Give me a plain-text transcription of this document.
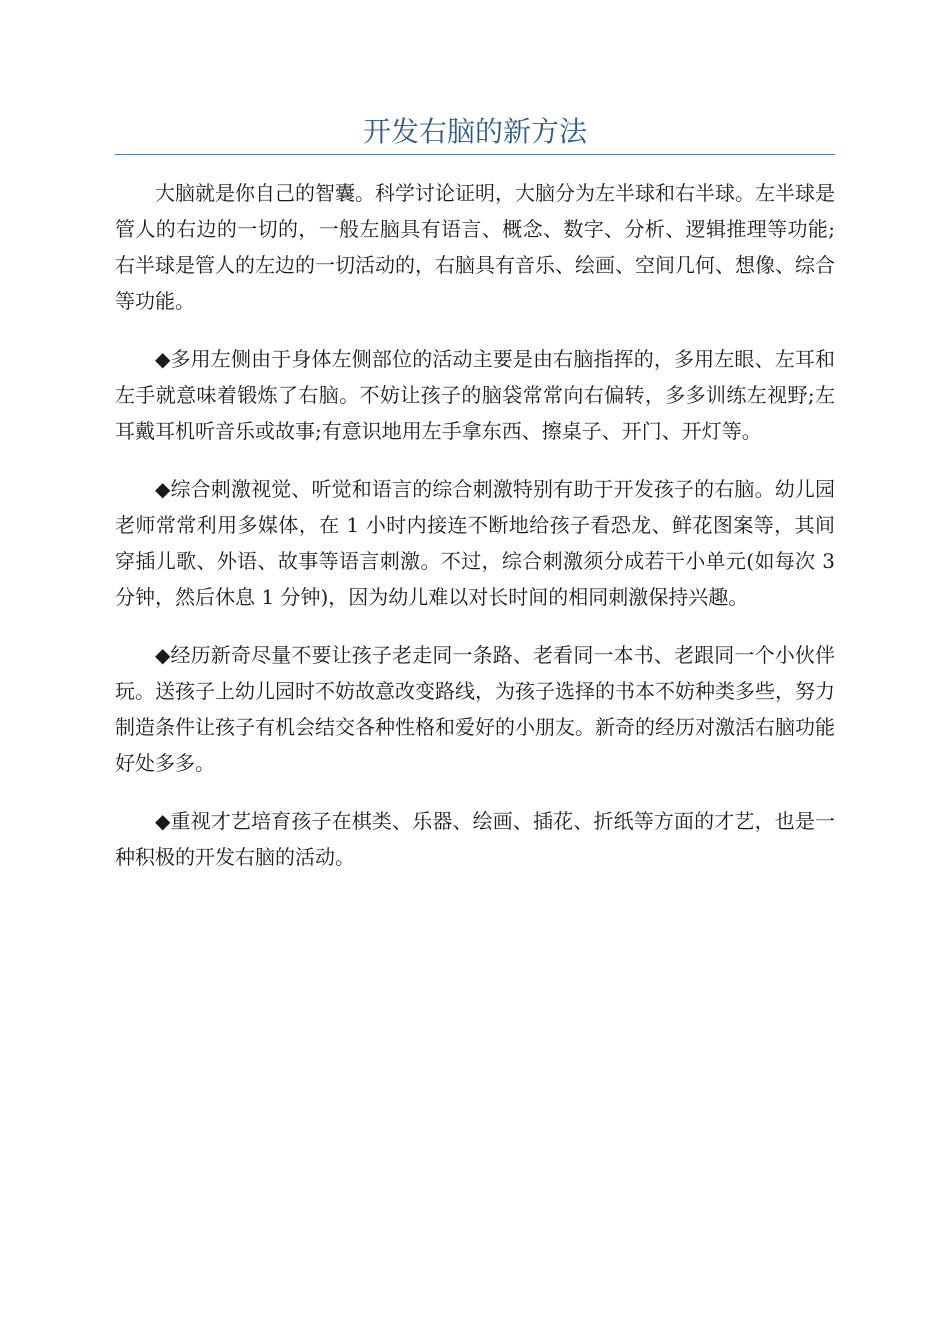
开发右脑的新方法

大脑就是你自己的智囊。科学讨论证明，大脑分为左半球和右半球。左半球是管人的右边的一切的，一般左脑具有语言、概念、数字、分析、逻辑推理等功能;右半球是管人的左边的一切活动的，右脑具有音乐、绘画、空间几何、想像、综合等功能。

◆多用左侧由于身体左侧部位的活动主要是由右脑指挥的，多用左眼、左耳和左手就意味着锻炼了右脑。不妨让孩子的脑袋常常向右偏转，多多训练左视野;左耳戴耳机听音乐或故事;有意识地用左手拿东西、擦桌子、开门、开灯等。

◆综合刺激视觉、听觉和语言的综合刺激特别有助于开发孩子的右脑。幼儿园老师常常利用多媒体，在 1 小时内接连不断地给孩子看恐龙、鲜花图案等，其间穿插儿歌、外语、故事等语言刺激。不过，综合刺激须分成若干小单元(如每次 3 分钟，然后休息 1 分钟)，因为幼儿难以对长时间的相同刺激保持兴趣。

◆经历新奇尽量不要让孩子老走同一条路、老看同一本书、老跟同一个小伙伴玩。送孩子上幼儿园时不妨故意改变路线，为孩子选择的书本不妨种类多些，努力制造条件让孩子有机会结交各种性格和爱好的小朋友。新奇的经历对激活右脑功能好处多多。

◆重视才艺培育孩子在棋类、乐器、绘画、插花、折纸等方面的才艺，也是一种积极的开发右脑的活动。
